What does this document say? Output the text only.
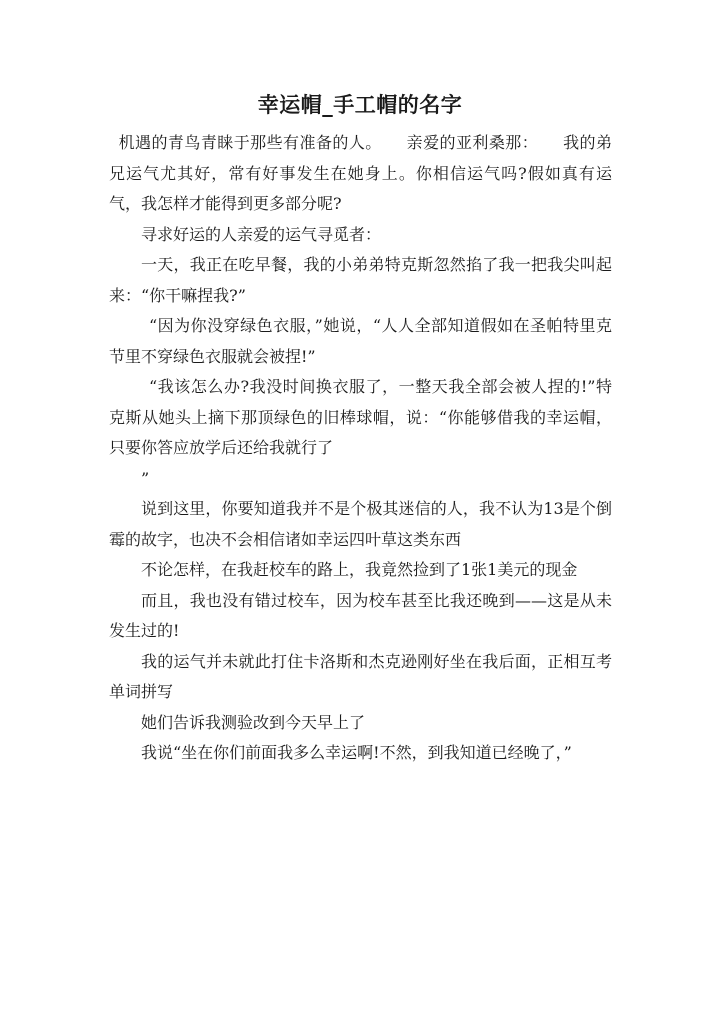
幸运帽_手工帽的名字

机遇的青鸟青睐于那些有准备的人。　　亲爱的亚利桑那：　　我的弟兄运气尤其好，常有好事发生在她身上。你相信运气吗?假如真有运气，我怎样才能得到更多部分呢?

寻求好运的人亲爱的运气寻觅者：

一天，我正在吃早餐，我的小弟弟特克斯忽然掐了我一把我尖叫起来：“你干嘛捏我?”

“因为你没穿绿色衣服，”她说，“人人全部知道假如在圣帕特里克节里不穿绿色衣服就会被捏!”

“我该怎么办?我没时间换衣服了，一整天我全部会被人捏的!”特克斯从她头上摘下那顶绿色的旧棒球帽，说：“你能够借我的幸运帽，只要你答应放学后还给我就行了

”

说到这里，你要知道我并不是个极其迷信的人，我不认为13是个倒霉的故字，也决不会相信诸如幸运四叶草这类东西

不论怎样，在我赶校车的路上，我竟然捡到了1张1美元的现金

而且，我也没有错过校车，因为校车甚至比我还晚到——这是从未发生过的!

我的运气并未就此打住卡洛斯和杰克逊刚好坐在我后面，正相互考单词拼写

她们告诉我测验改到今天早上了

我说“坐在你们前面我多么幸运啊!不然，到我知道已经晚了，”
